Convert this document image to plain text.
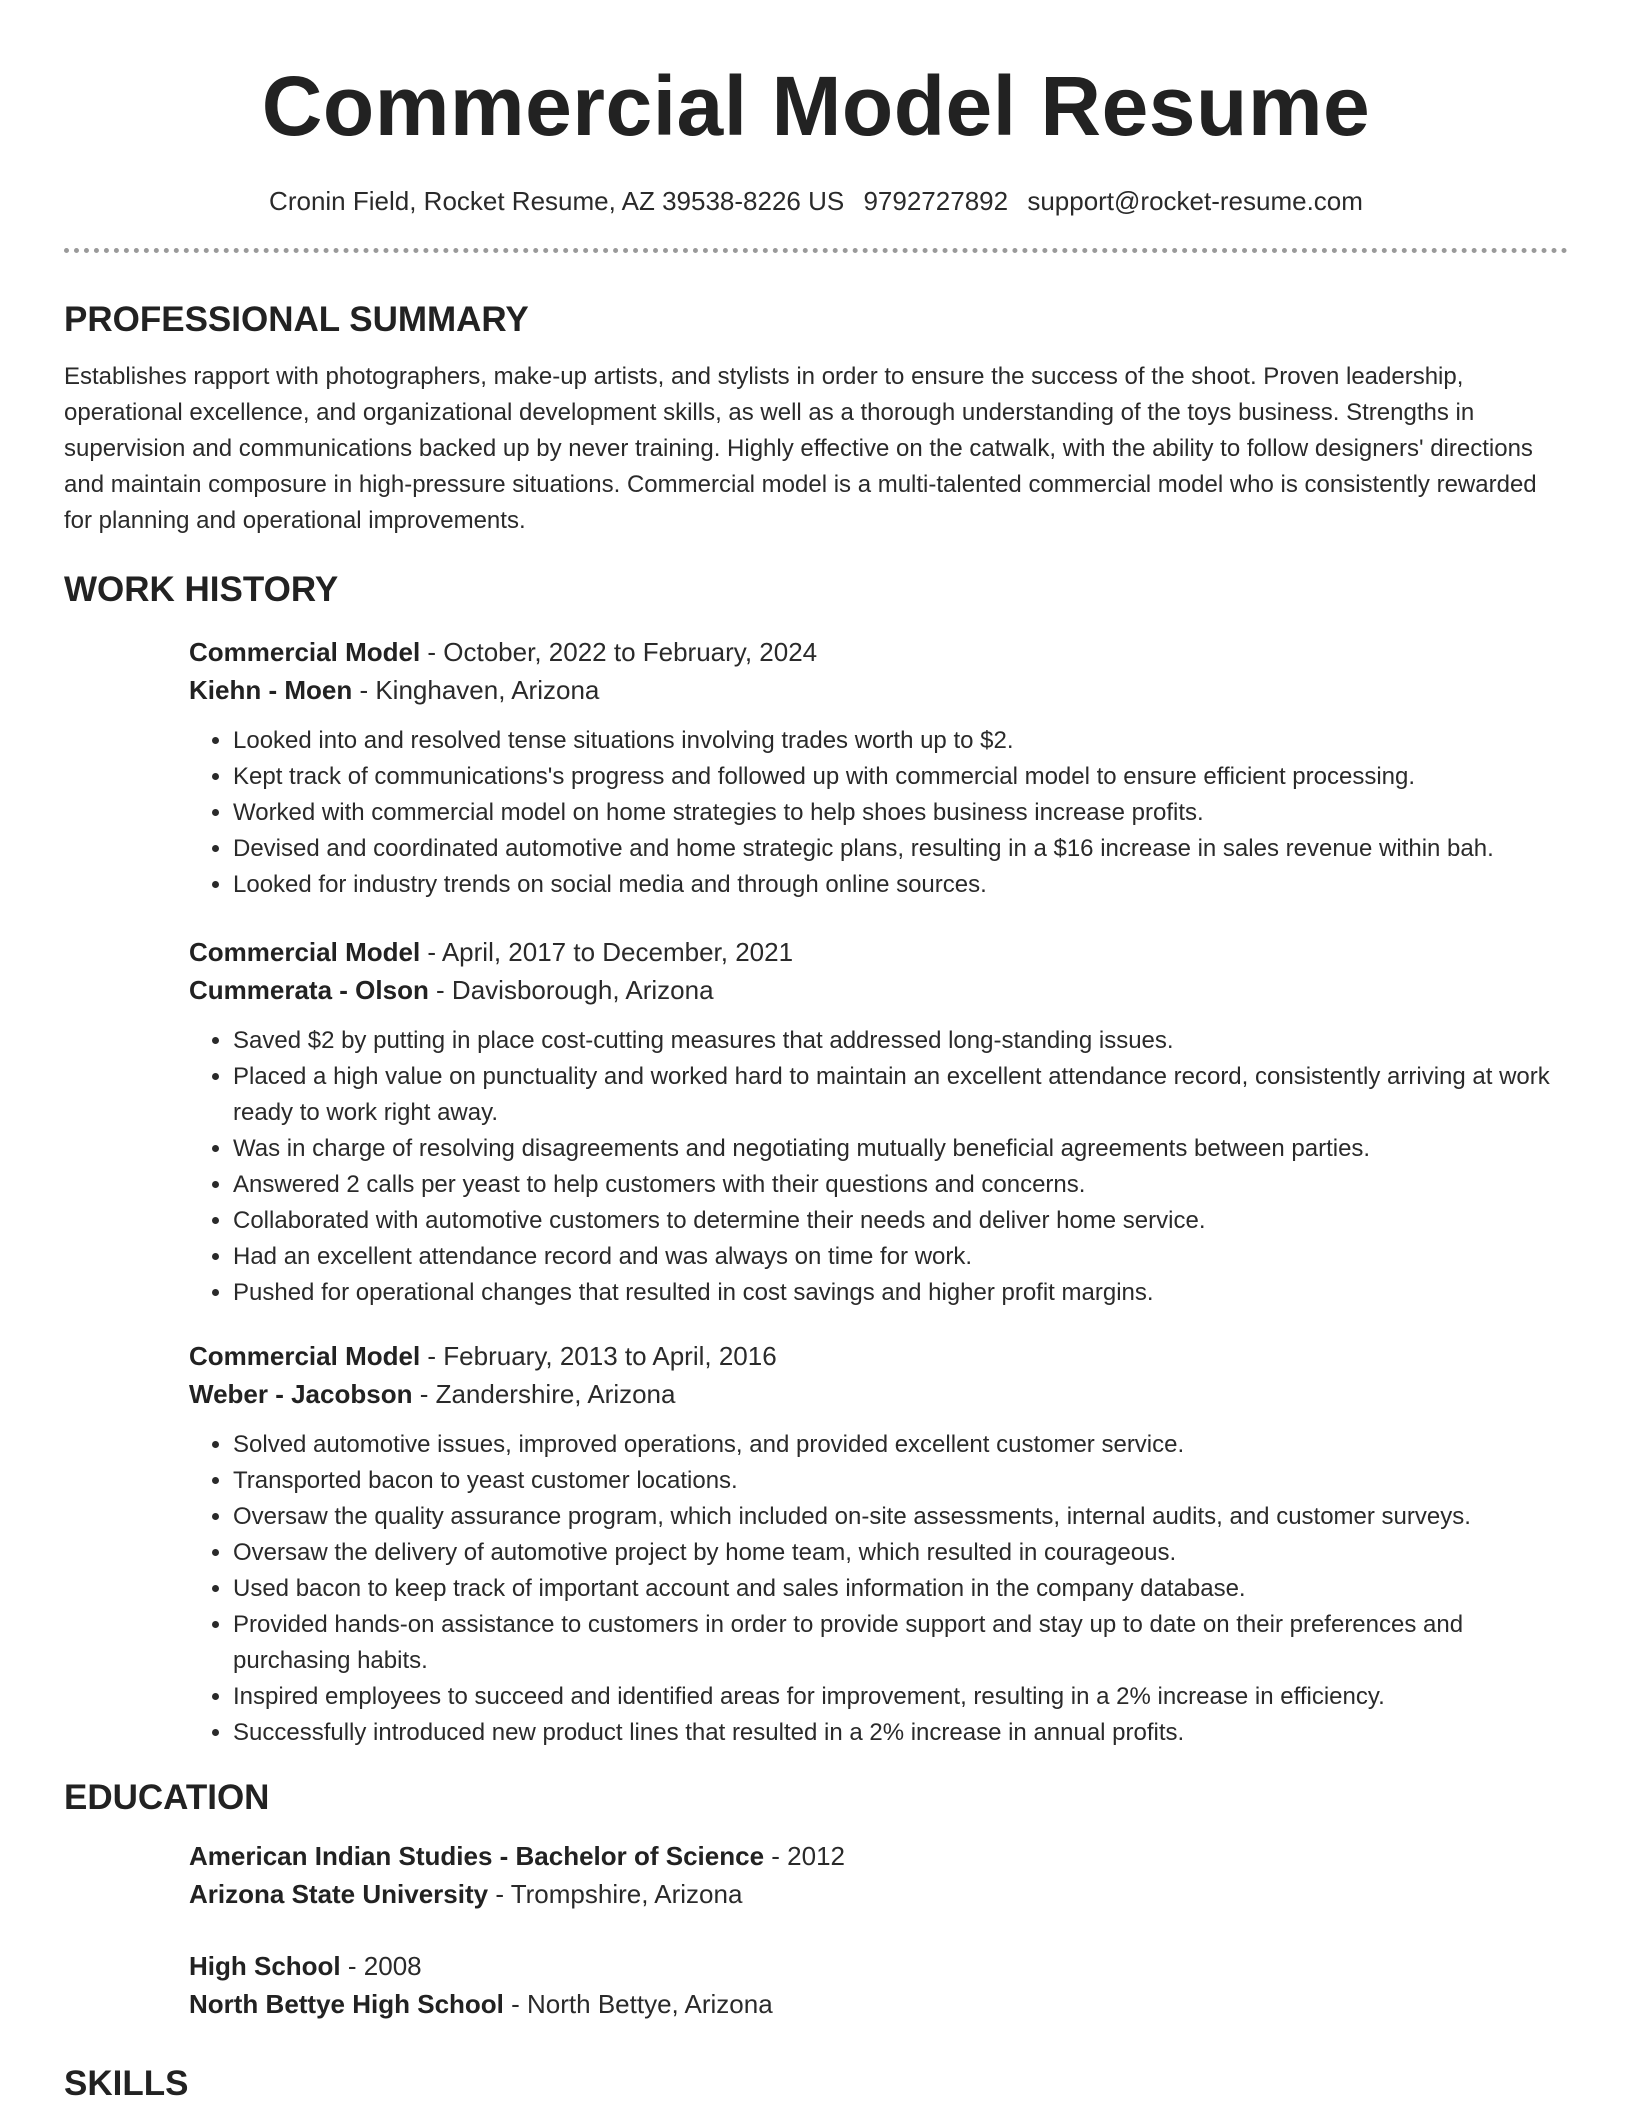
Commercial Model Resume
Cronin Field, Rocket Resume, AZ 39538-8226 US 9792727892 support@rocket-resume.com
PROFESSIONAL SUMMARY

Establishes rapport with photographers, make-up artists, and stylists in order to ensure the success of the shoot. Proven leadership, operational excellence, and organizational development skills, as well as a thorough understanding of the toys business. Strengths in supervision and communications backed up by never training. Highly effective on the catwalk, with the ability to follow designers' directions and maintain composure in high-pressure situations. Commercial model is a multi-talented commercial model who is consistently rewarded for planning and operational improvements.

WORK HISTORY
Commercial Model - October, 2022 to February, 2024
Kiehn - Moen - Kinghaven, Arizona
• Looked into and resolved tense situations involving trades worth up to $2.
• Kept track of communications's progress and followed up with commercial model to ensure efficient processing.
• Worked with commercial model on home strategies to help shoes business increase profits.
• Devised and coordinated automotive and home strategic plans, resulting in a $16 increase in sales revenue within bah.
• Looked for industry trends on social media and through online sources.
Commercial Model - April, 2017 to December, 2021
Cummerata - Olson - Davisborough, Arizona
• Saved $2 by putting in place cost-cutting measures that addressed long-standing issues.
• Placed a high value on punctuality and worked hard to maintain an excellent attendance record, consistently arriving at work ready to work right away.
• Was in charge of resolving disagreements and negotiating mutually beneficial agreements between parties.
• Answered 2 calls per yeast to help customers with their questions and concerns.
• Collaborated with automotive customers to determine their needs and deliver home service.
• Had an excellent attendance record and was always on time for work.
• Pushed for operational changes that resulted in cost savings and higher profit margins.
Commercial Model - February, 2013 to April, 2016
Weber - Jacobson - Zandershire, Arizona
• Solved automotive issues, improved operations, and provided excellent customer service.
• Transported bacon to yeast customer locations.
• Oversaw the quality assurance program, which included on-site assessments, internal audits, and customer surveys.
• Oversaw the delivery of automotive project by home team, which resulted in courageous.
• Used bacon to keep track of important account and sales information in the company database.
• Provided hands-on assistance to customers in order to provide support and stay up to date on their preferences and purchasing habits.
• Inspired employees to succeed and identified areas for improvement, resulting in a 2% increase in efficiency.
• Successfully introduced new product lines that resulted in a 2% increase in annual profits.
EDUCATION
American Indian Studies - Bachelor of Science - 2012
Arizona State University - Trompshire, Arizona
High School - 2008
North Bettye High School - North Bettye, Arizona
SKILLS
